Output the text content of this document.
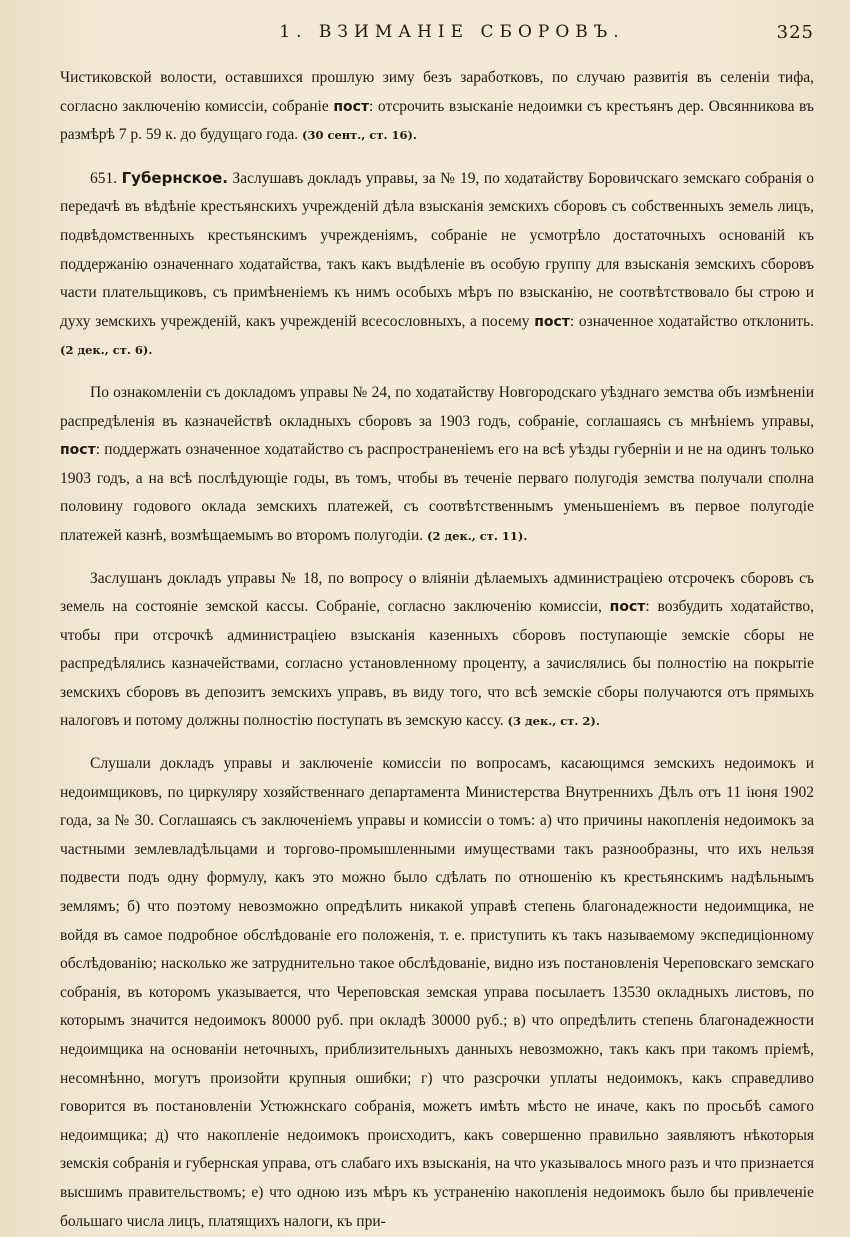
1. ВЗИМАНІЕ СБОРОВЪ.	325

Чистиковской волости, оставшихся прошлую зиму безъ заработковъ, по случаю развитія въ селеніи тифа, согласно заключенію комиссіи, собраніе пост: отсрочить взысканіе недоимки съ крестьянъ дер. Овсянникова въ размѣрѣ 7 р. 59 к. до будущаго года. (30 сент., ст. 16).

651. Губернское. Заслушавъ докладъ управы, за № 19, по ходатайству Боровичскаго земскаго собранія о передачѣ въ вѣдѣніе крестьянскихъ учрежденій дѣла взысканія земскихъ сборовъ съ собственныхъ земель лицъ, подвѣдомственныхъ крестьянскимъ учрежденіямъ, собраніе не усмотрѣло достаточныхъ основаній къ поддержанію означеннаго ходатайства, такъ какъ выдѣленіе въ особую группу для взысканія земскихъ сборовъ части плательщиковъ, съ примѣненіемъ къ нимъ особыхъ мѣръ по взысканію, не соотвѣтствовало бы строю и духу земскихъ учрежденій, какъ учрежденій всесословныхъ, а посему пост: означенное ходатайство отклонить. (2 дек., ст. 6).

По ознакомленіи съ докладомъ управы № 24, по ходатайству Новгородскаго уѣзднаго земства объ измѣненіи распредѣленія въ казначействѣ окладныхъ сборовъ за 1903 годъ, собраніе, соглашаясь съ мнѣніемъ управы, пост: поддержать означенное ходатайство съ распространеніемъ его на всѣ уѣзды губерніи и не на одинъ только 1903 годъ, а на всѣ послѣдующіе годы, въ томъ, чтобы въ теченіе перваго полугодія земства получали сполна половину годового оклада земскихъ платежей, съ соотвѣтственнымъ уменьшеніемъ въ первое полугодіе платежей казнѣ, возмѣщаемымъ во второмъ полугодіи. (2 дек., ст. 11).

Заслушанъ докладъ управы № 18, по вопросу о вліяніи дѣлаемыхъ администраціею отсрочекъ сборовъ съ земель на состояніе земской кассы. Собраніе, согласно заключенію комиссіи, пост: возбудить ходатайство, чтобы при отсрочкѣ администраціею взысканія казенныхъ сборовъ поступающіе земскіе сборы не распредѣлялись казначействами, согласно установленному проценту, а зачислялись бы полностію на покрытіе земскихъ сборовъ въ депозитъ земскихъ управъ, въ виду того, что всѣ земскіе сборы получаются отъ прямыхъ налоговъ и потому должны полностію поступать въ земскую кассу. (3 дек., ст. 2).

Слушали докладъ управы и заключеніе комиссіи по вопросамъ, касающимся земскихъ недоимокъ и недоимщиковъ, по циркуляру хозяйственнаго департамента Министерства Внутреннихъ Дѣлъ отъ 11 іюня 1902 года, за № 30. Соглашаясь съ заключеніемъ управы и комиссіи о томъ: а) что причины накопленія недоимокъ за частными землевладѣльцами и торгово-промышленными имуществами такъ разнообразны, что ихъ нельзя подвести подъ одну формулу, какъ это можно было сдѣлать по отношенію къ крестьянскимъ надѣльнымъ землямъ; б) что поэтому невозможно опредѣлить никакой управѣ степень благонадежности недоимщика, не войдя въ самое подробное обслѣдованіе его положенія, т. е. приступить къ такъ называемому экспедиціонному обслѣдованію; насколько же затруднительно такое обслѣдованіе, видно изъ постановленія Череповскаго земскаго собранія, въ которомъ указывается, что Череповская земская управа посылаетъ 13530 окладныхъ листовъ, по которымъ значится недоимокъ 80000 руб. при окладѣ 30000 руб.; в) что опредѣлить степень благонадежности недоимщика на основаніи неточныхъ, приблизительныхъ данныхъ невозможно, такъ какъ при такомъ пріемѣ, несомнѣнно, могутъ произойти крупныя ошибки; г) что разсрочки уплаты недоимокъ, какъ справедливо говорится въ постановленіи Устюжнскаго собранія, можетъ имѣть мѣсто не иначе, какъ по просьбѣ самого недоимщика; д) что накопленіе недоимокъ происходитъ, какъ совершенно правильно заявляютъ нѣкоторыя земскія собранія и губернская управа, отъ слабаго ихъ взысканія, на что указывалось много разъ и что признается высшимъ правительствомъ; е) что одною изъ мѣръ къ устраненію накопленія недоимокъ было бы привлеченіе большаго числа лицъ, платящихъ налоги, къ при-
